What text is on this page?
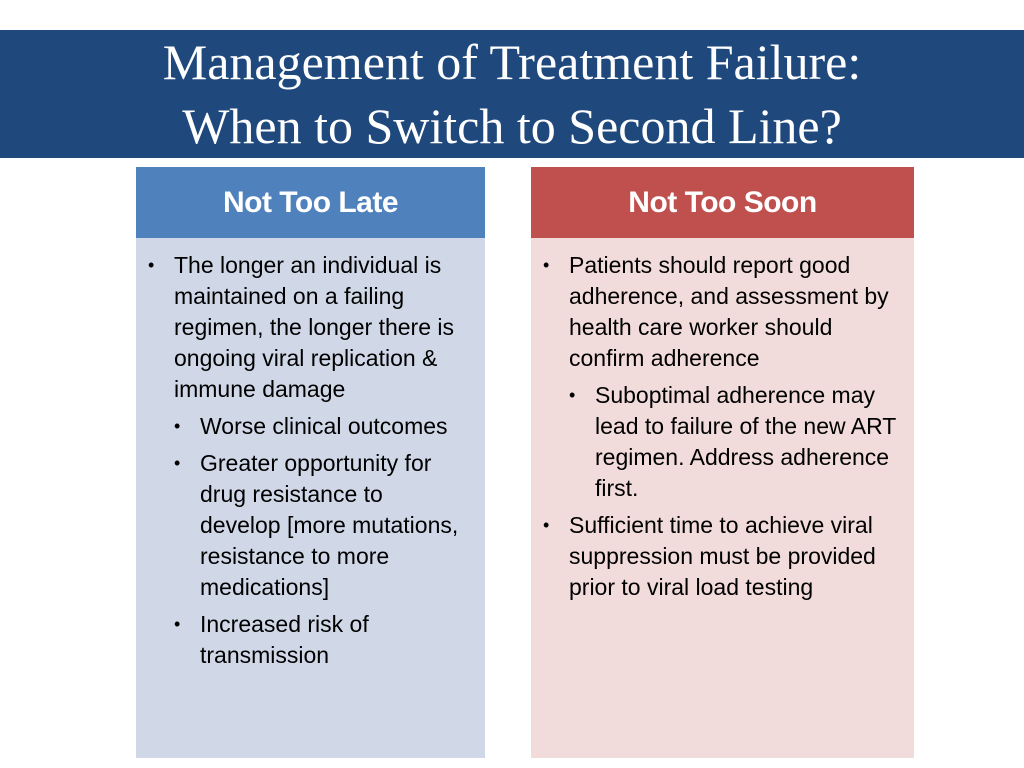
Management of Treatment Failure:
When to Switch to Second Line?
Not Too Late
• The longer an individual is maintained on a failing regimen, the longer there is ongoing viral replication & immune damage
• Worse clinical outcomes
• Greater opportunity for drug resistance to develop [more mutations, resistance to more medications]
• Increased risk of transmission
Not Too Soon
• Patients should report good adherence, and assessment by health care worker should confirm adherence
• Suboptimal adherence may lead to failure of the new ART regimen. Address adherence first.
• Sufficient time to achieve viral suppression must be provided prior to viral load testing
